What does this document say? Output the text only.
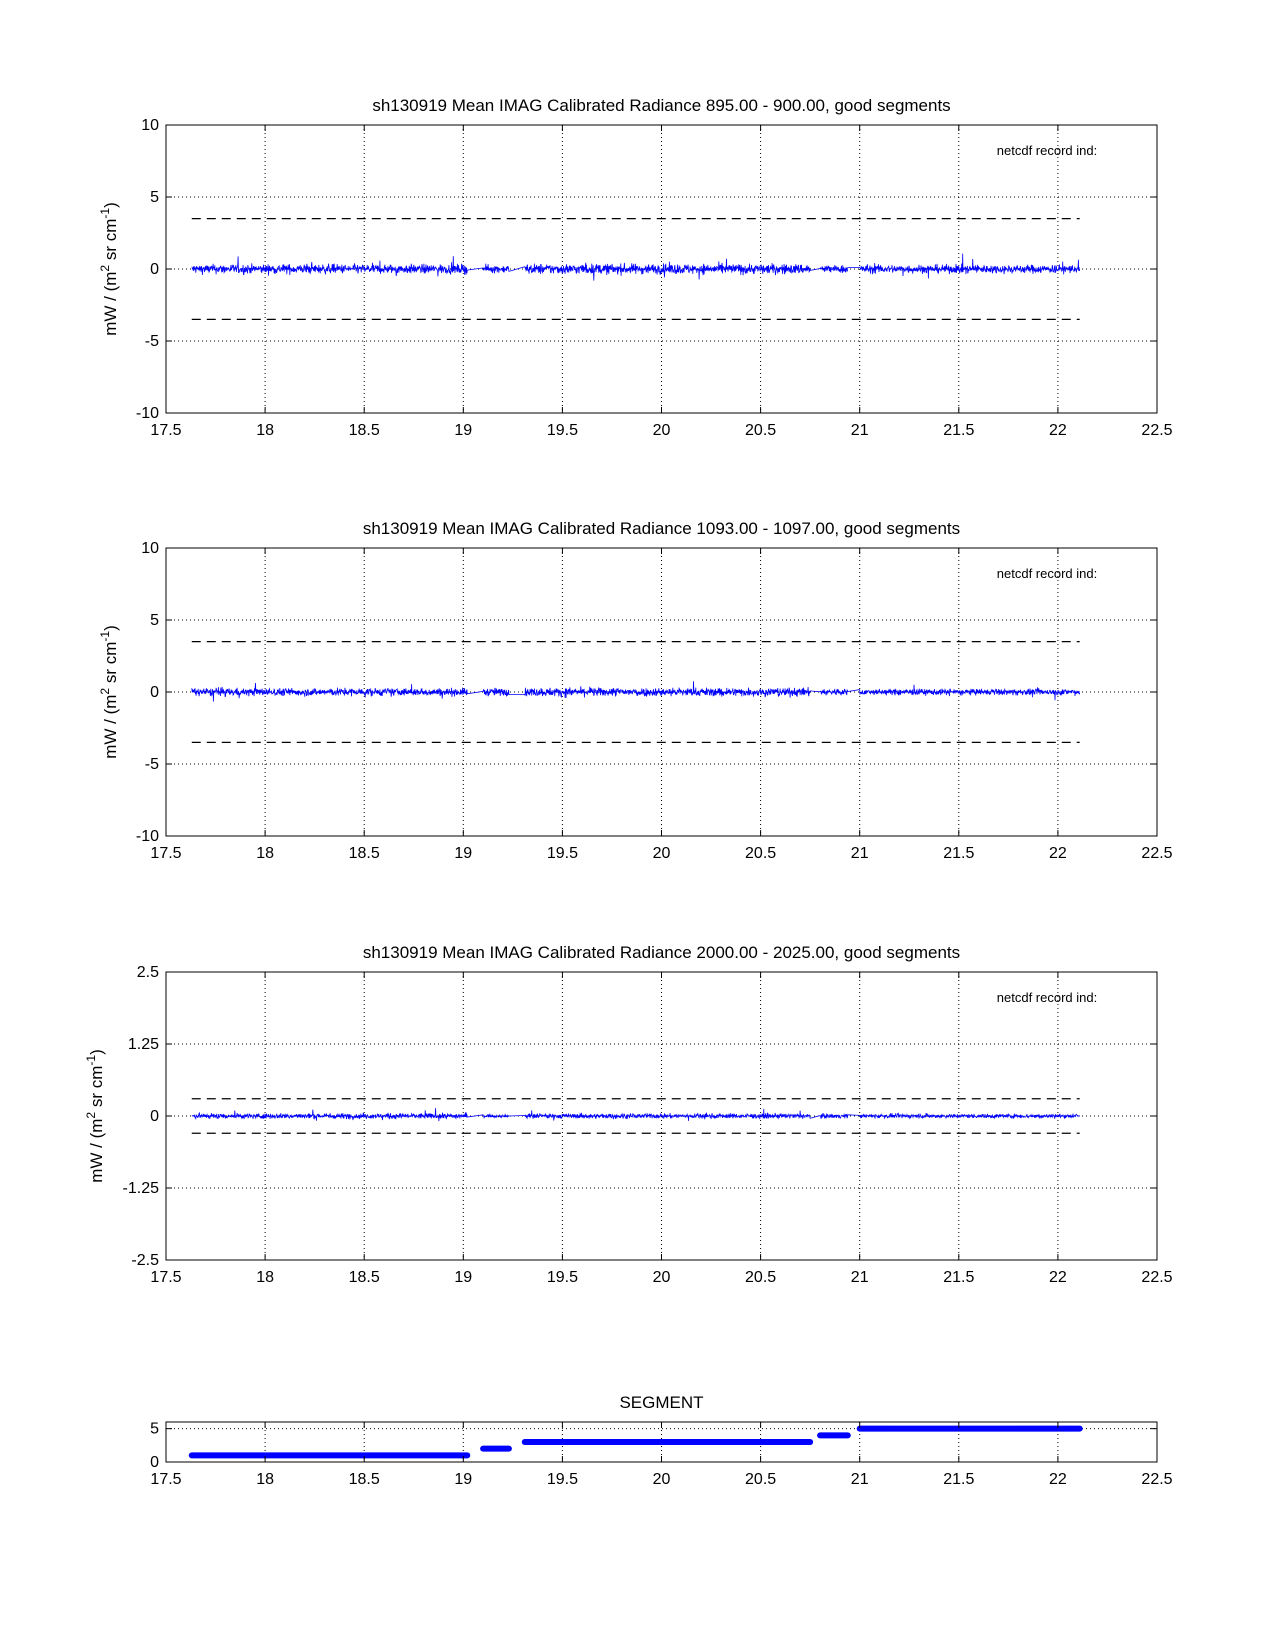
sh130919 Mean IMAG Calibrated Radiance 895.00 - 900.00, good segments
17.5	18	18.5	19	19.5	20	20.5	21	21.5	22	22.5
-10
-5
0
5
10
netcdf record ind:
mW / ($m^2$ sr $cm^{-1}$)
sh130919 Mean IMAG Calibrated Radiance 1093.00 - 1097.00, good segments
17.5	18	18.5	19	19.5	20	20.5	21	21.5	22	22.5
-10
-5
0
5
10
netcdf record ind:
mW / ($m^2$ sr $cm^{-1}$)
sh130919 Mean IMAG Calibrated Radiance 2000.00 - 2025.00, good segments
17.5	18	18.5	19	19.5	20	20.5	21	21.5	22	22.5
-2.5
-1.25
0
1.25
2.5
netcdf record ind:
mW / ($m^2$ sr $cm^{-1}$)
SEGMENT
17.5	18	18.5	19	19.5	20	20.5	21	21.5	22	22.5
0
5
